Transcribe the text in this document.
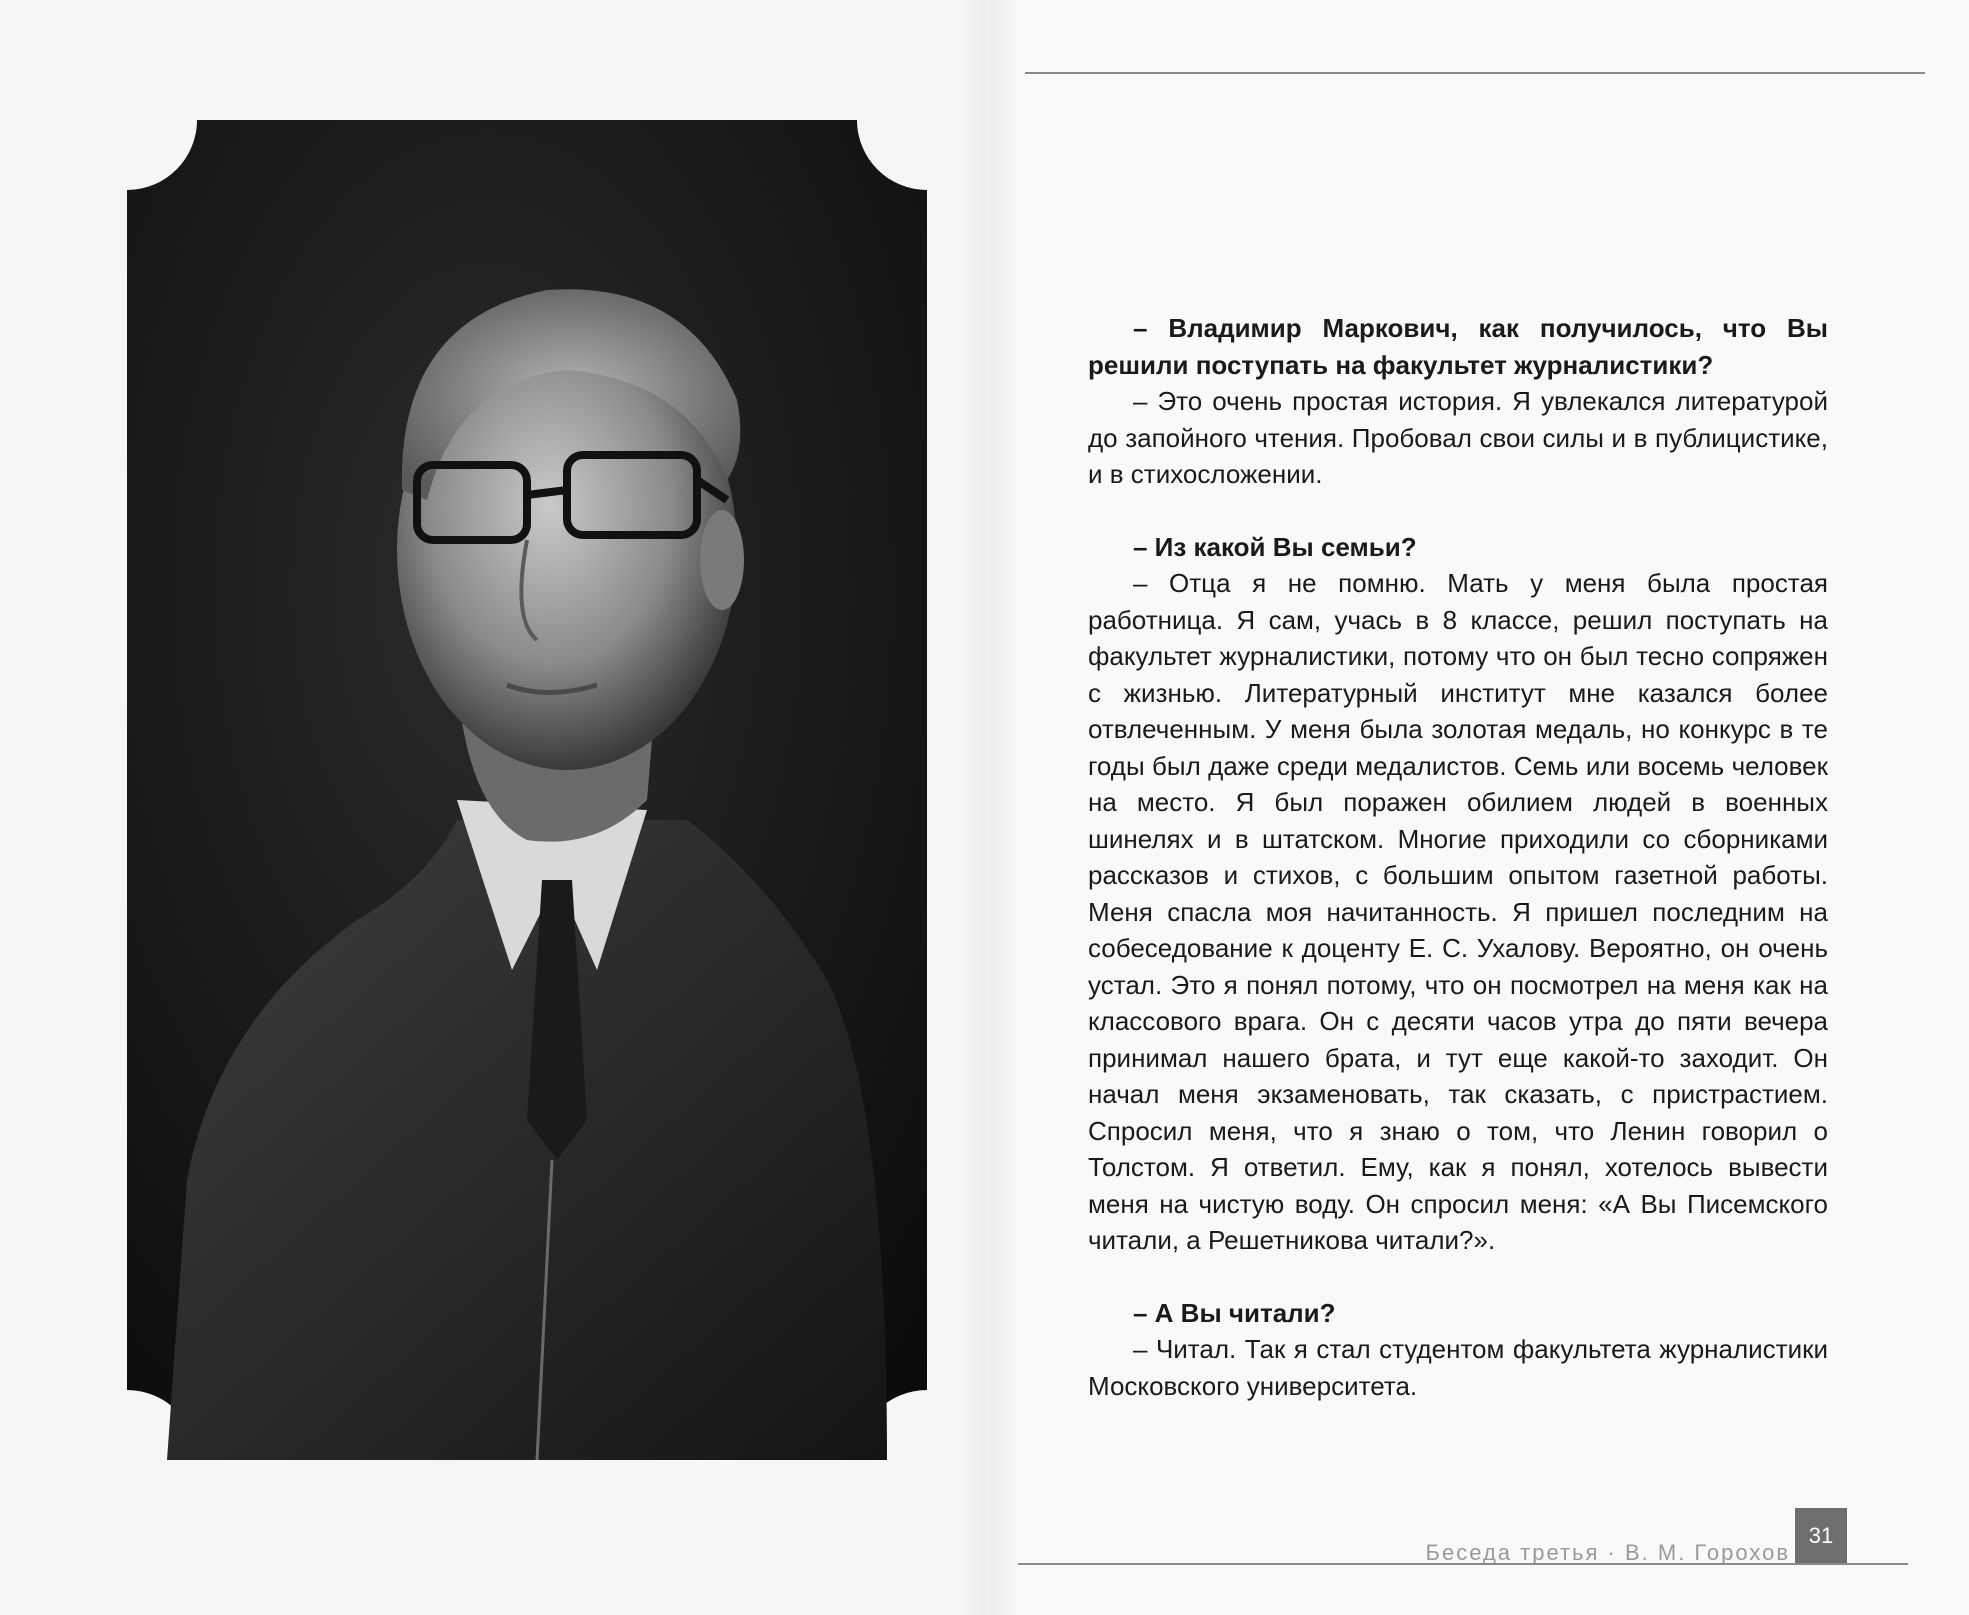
– Владимир Маркович, как получилось, что Вы решили поступать на факультет журналистики?

– Это очень простая история. Я увлекался литературой до запойного чтения. Пробовал свои силы и в публицистике, и в стихосложении.

– Из какой Вы семьи?

– Отца я не помню. Мать у меня была простая работница. Я сам, учась в 8 классе, решил поступать на факультет журналистики, потому что он был тесно сопряжен с жизнью. Литературный институт мне казался более отвлеченным. У меня была золотая медаль, но конкурс в те годы был даже среди медалистов. Семь или восемь человек на место. Я был поражен обилием людей в военных шинелях и в штатском. Многие приходили со сборниками рассказов и стихов, с большим опытом газетной работы. Меня спасла моя начитанность. Я пришел последним на собеседование к доценту Е. С. Ухалову. Вероятно, он очень устал. Это я понял потому, что он посмотрел на меня как на классового врага. Он с десяти часов утра до пяти вечера принимал нашего брата, и тут еще какой-то заходит. Он начал меня экзаменовать, так сказать, с пристрастием. Спросил меня, что я знаю о том, что Ленин говорил о Толстом. Я ответил. Ему, как я понял, хотелось вывести меня на чистую воду. Он спросил меня: «А Вы Писемского читали, а Решетникова читали?».

– А Вы читали?

– Читал. Так я стал студентом факультета журналистики Московского университета.

Беседа третья · В. М. Горохов
31
